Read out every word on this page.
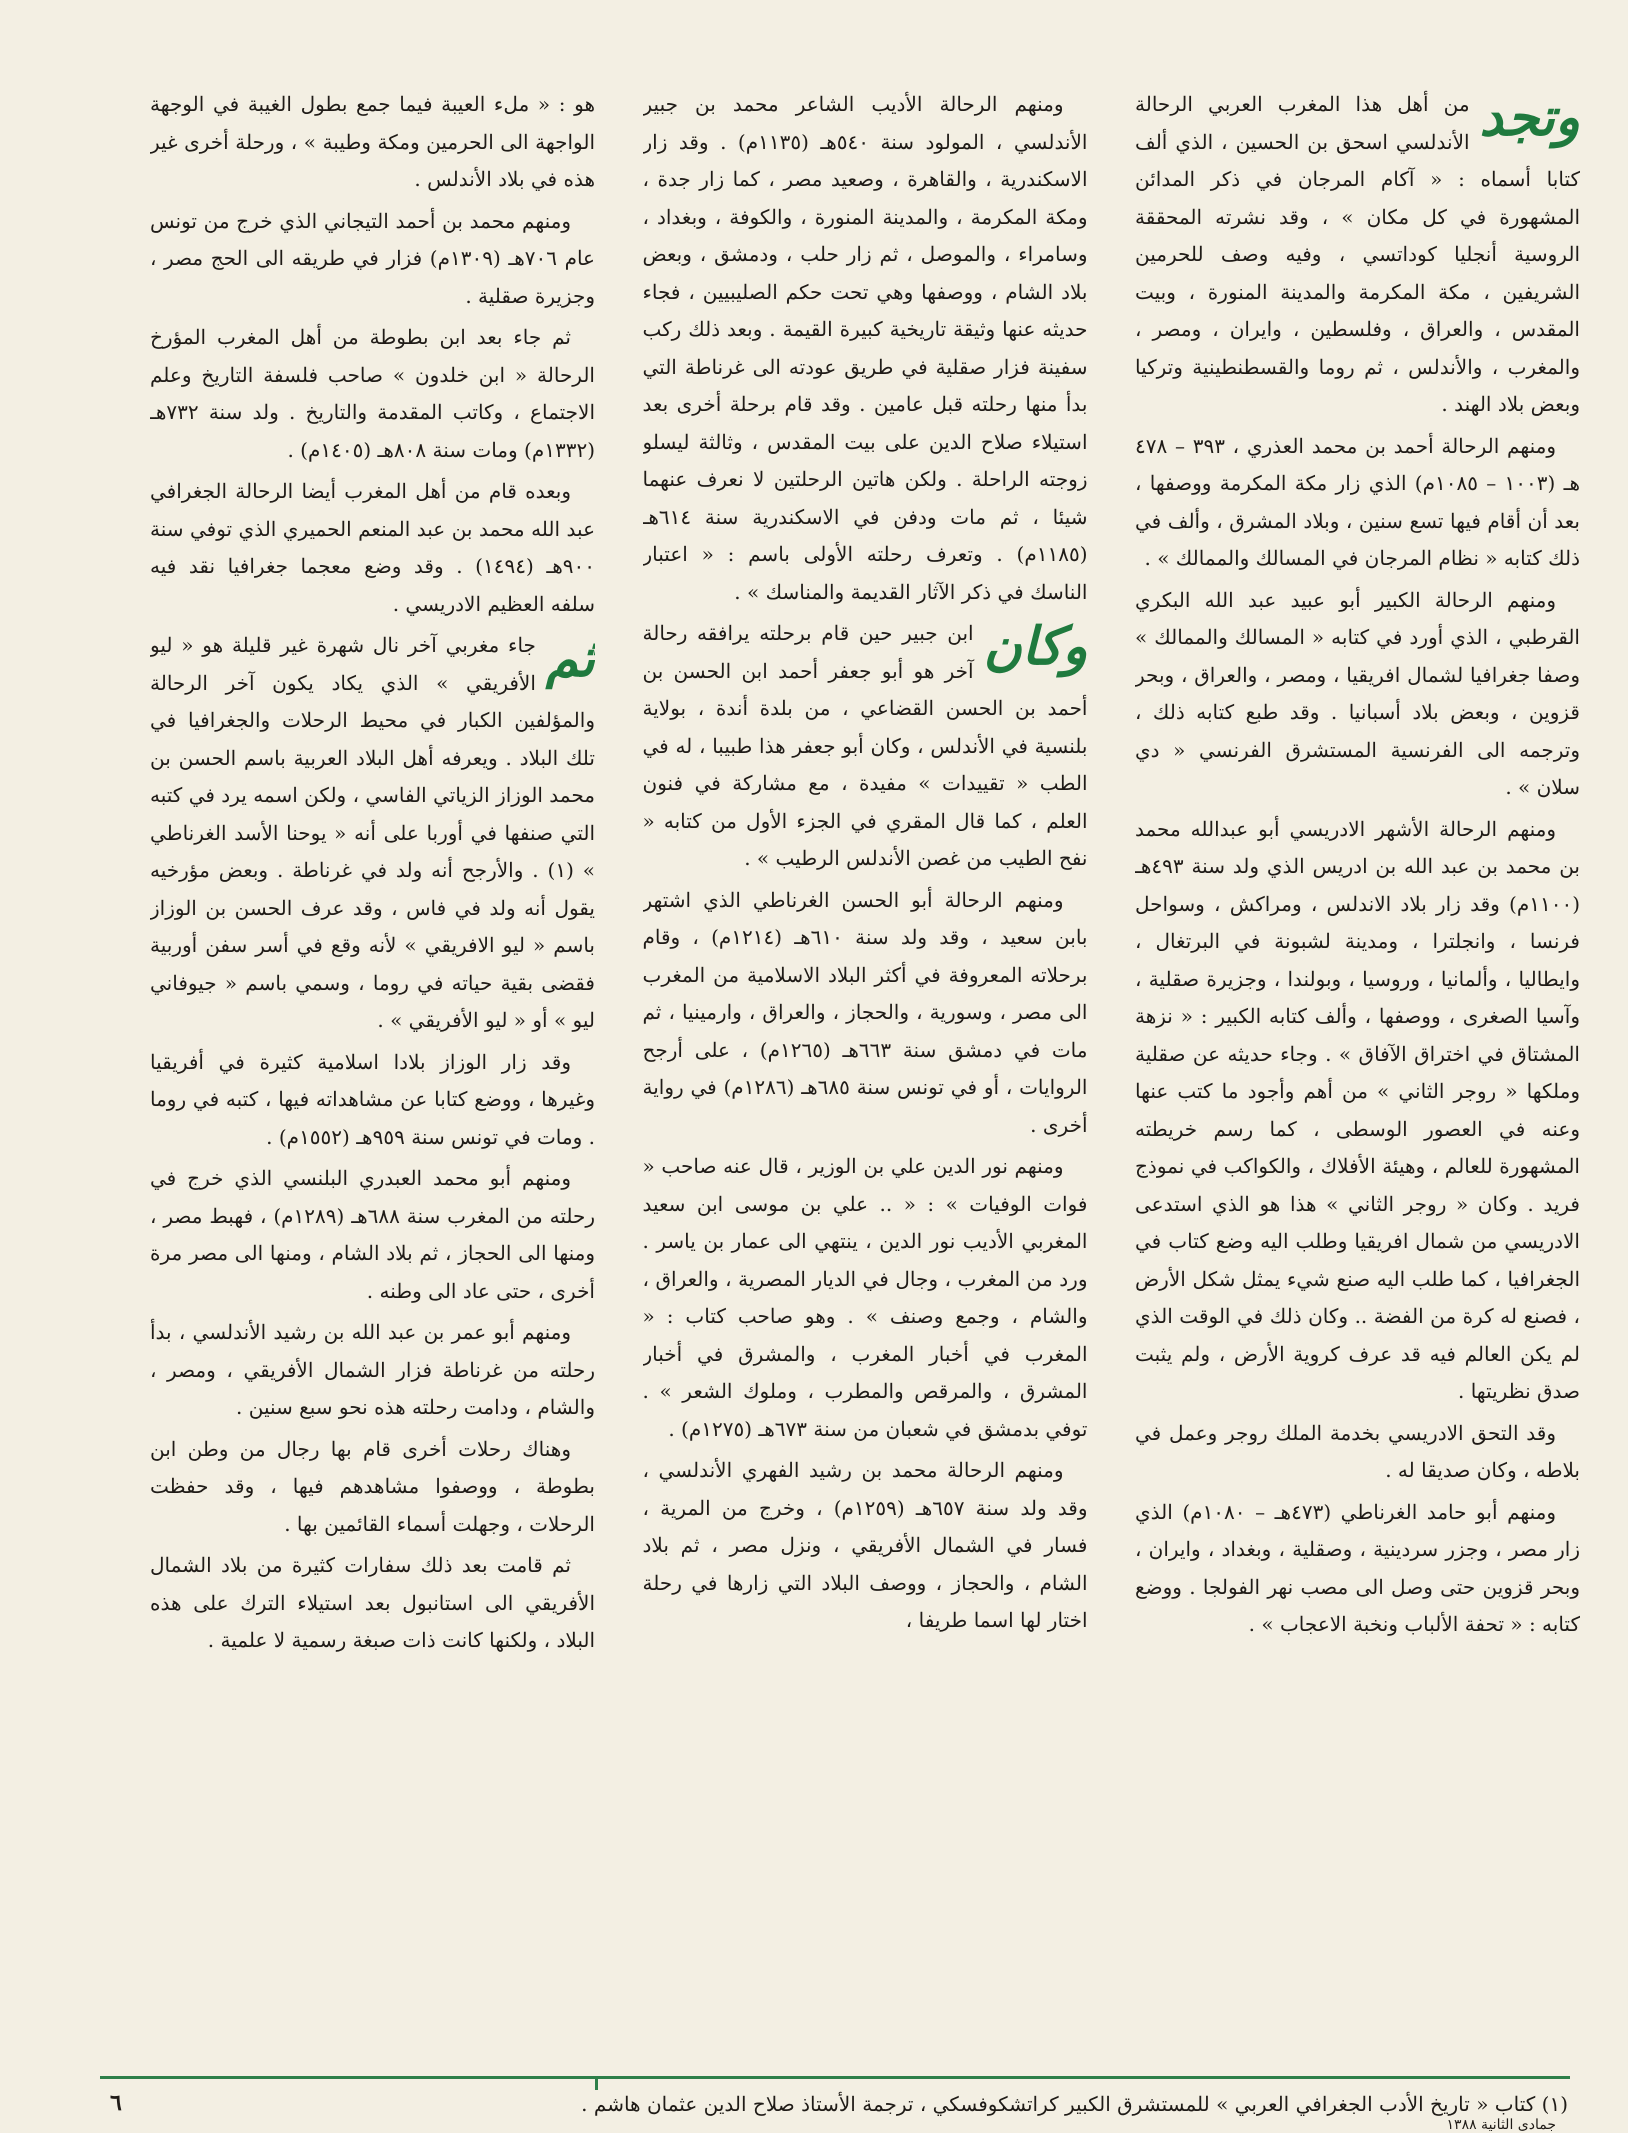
وتجد

من أهل هذا المغرب العربي الرحالة الأندلسي اسحق بن الحسين ، الذي ألف كتابا أسماه : « آكام المرجان في ذكر المدائن المشهورة في كل مكان » ، وقد نشرته المحققة الروسية أنجليا كوداتسي ، وفيه وصف للحرمين الشريفين ، مكة المكرمة والمدينة المنورة ، وبيت المقدس ، والعراق ، وفلسطين ، وايران ، ومصر ، والمغرب ، والأندلس ، ثم روما والقسطنطينية وتركيا وبعض بلاد الهند .

ومنهم الرحالة أحمد بن محمد العذري ، ٣٩٣ – ٤٧٨ هـ (١٠٠٣ – ١٠٨٥م) الذي زار مكة المكرمة ووصفها ، بعد أن أقام فيها تسع سنين ، وبلاد المشرق ، وألف في ذلك كتابه « نظام المرجان في المسالك والممالك » .

ومنهم الرحالة الكبير أبو عبيد عبد الله البكري القرطبي ، الذي أورد في كتابه « المسالك والممالك » وصفا جغرافيا لشمال افريقيا ، ومصر ، والعراق ، وبحر قزوين ، وبعض بلاد أسبانيا . وقد طبع كتابه ذلك ، وترجمه الى الفرنسية المستشرق الفرنسي « دي سلان » .

ومنهم الرحالة الأشهر الادريسي أبو عبدالله محمد بن محمد بن عبد الله بن ادريس الذي ولد سنة ٤٩٣هـ (١١٠٠م) وقد زار بلاد الاندلس ، ومراكش ، وسواحل فرنسا ، وانجلترا ، ومدينة لشبونة في البرتغال ، وايطاليا ، وألمانيا ، وروسيا ، وبولندا ، وجزيرة صقلية ، وآسيا الصغرى ، ووصفها ، وألف كتابه الكبير : « نزهة المشتاق في اختراق الآفاق » . وجاء حديثه عن صقلية وملكها « روجر الثاني » من أهم وأجود ما كتب عنها وعنه في العصور الوسطى ، كما رسم خريطته المشهورة للعالم ، وهيئة الأفلاك ، والكواكب في نموذج فريد . وكان « روجر الثاني » هذا هو الذي استدعى الادريسي من شمال افريقيا وطلب اليه وضع كتاب في الجغرافيا ، كما طلب اليه صنع شيء يمثل شكل الأرض ، فصنع له كرة من الفضة .. وكان ذلك في الوقت الذي لم يكن العالم فيه قد عرف كروية الأرض ، ولم يثبت صدق نظريتها .

وقد التحق الادريسي بخدمة الملك روجر وعمل في بلاطه ، وكان صديقا له .

ومنهم أبو حامد الغرناطي (٤٧٣هـ – ١٠٨٠م) الذي زار مصر ، وجزر سردينية ، وصقلية ، وبغداد ، وايران ، وبحر قزوين حتى وصل الى مصب نهر الفولجا . ووضع كتابه : « تحفة الألباب ونخبة الاعجاب » .

ومنهم الرحالة الأديب الشاعر محمد بن جبير الأندلسي ، المولود سنة ٥٤٠هـ (١١٣٥م) . وقد زار الاسكندرية ، والقاهرة ، وصعيد مصر ، كما زار جدة ، ومكة المكرمة ، والمدينة المنورة ، والكوفة ، وبغداد ، وسامراء ، والموصل ، ثم زار حلب ، ودمشق ، وبعض بلاد الشام ، ووصفها وهي تحت حكم الصليبيين ، فجاء حديثه عنها وثيقة تاريخية كبيرة القيمة . وبعد ذلك ركب سفينة فزار صقلية في طريق عودته الى غرناطة التي بدأ منها رحلته قبل عامين . وقد قام برحلة أخرى بعد استيلاء صلاح الدين على بيت المقدس ، وثالثة ليسلو زوجته الراحلة . ولكن هاتين الرحلتين لا نعرف عنهما شيئا ، ثم مات ودفن في الاسكندرية سنة ٦١٤هـ (١١٨٥م) . وتعرف رحلته الأولى باسم : « اعتبار الناسك في ذكر الآثار القديمة والمناسك » .

وكان

ابن جبير حين قام برحلته يرافقه رحالة آخر هو أبو جعفر أحمد ابن الحسن بن أحمد بن الحسن القضاعي ، من بلدة أندة ، بولاية بلنسية في الأندلس ، وكان أبو جعفر هذا طبيبا ، له في الطب « تقييدات » مفيدة ، مع مشاركة في فنون العلم ، كما قال المقري في الجزء الأول من كتابه « نفح الطيب من غصن الأندلس الرطيب » .

ومنهم الرحالة أبو الحسن الغرناطي الذي اشتهر بابن سعيد ، وقد ولد سنة ٦١٠هـ (١٢١٤م) ، وقام برحلاته المعروفة في أكثر البلاد الاسلامية من المغرب الى مصر ، وسورية ، والحجاز ، والعراق ، وارمينيا ، ثم مات في دمشق سنة ٦٦٣هـ (١٢٦٥م) ، على أرجح الروايات ، أو في تونس سنة ٦٨٥هـ (١٢٨٦م) في رواية أخرى .

ومنهم نور الدين علي بن الوزير ، قال عنه صاحب « فوات الوفيات » : « .. علي بن موسى ابن سعيد المغربي الأديب نور الدين ، ينتهي الى عمار بن ياسر . ورد من المغرب ، وجال في الديار المصرية ، والعراق ، والشام ، وجمع وصنف » . وهو صاحب كتاب : « المغرب في أخبار المغرب ، والمشرق في أخبار المشرق ، والمرقص والمطرب ، وملوك الشعر » . توفي بدمشق في شعبان من سنة ٦٧٣هـ (١٢٧٥م) .

ومنهم الرحالة محمد بن رشيد الفهري الأندلسي ، وقد ولد سنة ٦٥٧هـ (١٢٥٩م) ، وخرج من المرية ، فسار في الشمال الأفريقي ، ونزل مصر ، ثم بلاد الشام ، والحجاز ، ووصف البلاد التي زارها في رحلة اختار لها اسما طريفا ،

هو : « ملء العيبة فيما جمع بطول الغيبة في الوجهة الواجهة الى الحرمين ومكة وطيبة » ، ورحلة أخرى غير هذه في بلاد الأندلس .

ومنهم محمد بن أحمد التيجاني الذي خرج من تونس عام ٧٠٦هـ (١٣٠٩م) فزار في طريقه الى الحج مصر ، وجزيرة صقلية .

ثم جاء بعد ابن بطوطة من أهل المغرب المؤرخ الرحالة « ابن خلدون » صاحب فلسفة التاريخ وعلم الاجتماع ، وكاتب المقدمة والتاريخ . ولد سنة ٧٣٢هـ (١٣٣٢م) ومات سنة ٨٠٨هـ (١٤٠٥م) .

وبعده قام من أهل المغرب أيضا الرحالة الجغرافي عبد الله محمد بن عبد المنعم الحميري الذي توفي سنة ٩٠٠هـ (١٤٩٤) . وقد وضع معجما جغرافيا نقد فيه سلفه العظيم الادريسي .

ثم

جاء مغربي آخر نال شهرة غير قليلة هو « ليو الأفريقي » الذي يكاد يكون آخر الرحالة والمؤلفين الكبار في محيط الرحلات والجغرافيا في تلك البلاد . ويعرفه أهل البلاد العربية باسم الحسن بن محمد الوزاز الزياتي الفاسي ، ولكن اسمه يرد في كتبه التي صنفها في أوربا على أنه « يوحنا الأسد الغرناطي » (١) . والأرجح أنه ولد في غرناطة . وبعض مؤرخيه يقول أنه ولد في فاس ، وقد عرف الحسن بن الوزاز باسم « ليو الافريقي » لأنه وقع في أسر سفن أوربية فقضى بقية حياته في روما ، وسمي باسم « جيوفاني ليو » أو « ليو الأفريقي » .

وقد زار الوزاز بلادا اسلامية كثيرة في أفريقيا وغيرها ، ووضع كتابا عن مشاهداته فيها ، كتبه في روما . ومات في تونس سنة ٩٥٩هـ (١٥٥٢م) .

ومنهم أبو محمد العبدري البلنسي الذي خرج في رحلته من المغرب سنة ٦٨٨هـ (١٢٨٩م) ، فهبط مصر ، ومنها الى الحجاز ، ثم بلاد الشام ، ومنها الى مصر مرة أخرى ، حتى عاد الى وطنه .

ومنهم أبو عمر بن عبد الله بن رشيد الأندلسي ، بدأ رحلته من غرناطة فزار الشمال الأفريقي ، ومصر ، والشام ، ودامت رحلته هذه نحو سبع سنين .

وهناك رحلات أخرى قام بها رجال من وطن ابن بطوطة ، ووصفوا مشاهدهم فيها ، وقد حفظت الرحلات ، وجهلت أسماء القائمين بها .

ثم قامت بعد ذلك سفارات كثيرة من بلاد الشمال الأفريقي الى استانبول بعد استيلاء الترك على هذه البلاد ، ولكنها كانت ذات صبغة رسمية لا علمية .

(١) كتاب « تاريخ الأدب الجغرافي العربي » للمستشرق الكبير كراتشكوفسكي ، ترجمة الأستاذ صلاح الدين عثمان هاشم .
٦
جمادى الثانية ١٣٨٨
